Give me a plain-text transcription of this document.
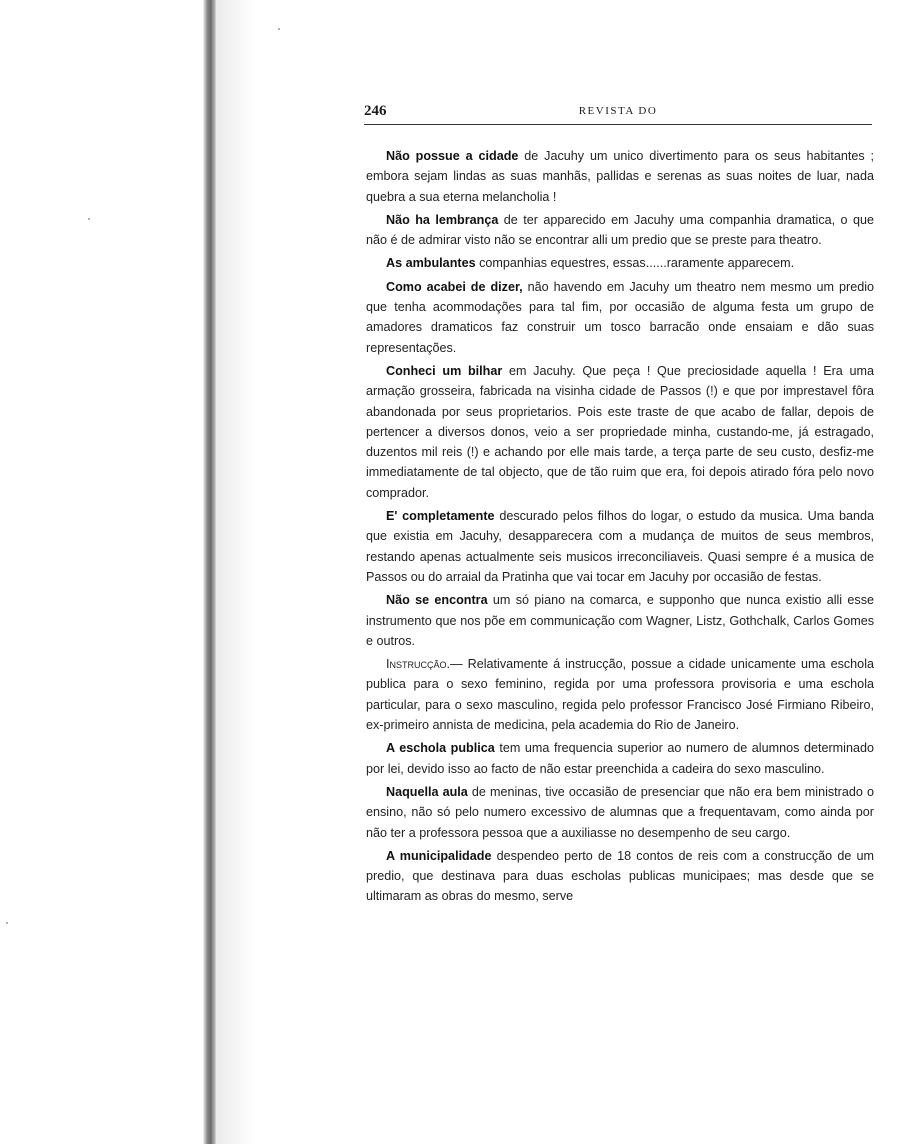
246	REVISTA DO

Não possue a cidade de Jacuhy um unico divertimento para os seus habitantes ; embora sejam lindas as suas manhãs, pallidas e serenas as suas noites de luar, nada quebra a sua eterna melancholia !

Não ha lembrança de ter apparecido em Jacuhy uma companhia dramatica, o que não é de admirar visto não se encontrar alli um predio que se preste para theatro.

As ambulantes companhias equestres, essas......raramente apparecem.

Como acabei de dizer, não havendo em Jacuhy um theatro nem mesmo um predio que tenha acommodações para tal fim, por occasião de alguma festa um grupo de amadores dramaticos faz construir um tosco barracão onde ensaiam e dão suas representações.

Conheci um bilhar em Jacuhy. Que peça ! Que preciosidade aquella ! Era uma armação grosseira, fabricada na visinha cidade de Passos (!) e que por imprestavel fôra abandonada por seus proprietarios. Pois este traste de que acabo de fallar, depois de pertencer a diversos donos, veio a ser propriedade minha, custando-me, já estragado, duzentos mil reis (!) e achando por elle mais tarde, a terça parte de seu custo, desfiz-me immediatamente de tal objecto, que de tão ruim que era, foi depois atirado fóra pelo novo comprador.

E' completamente descurado pelos filhos do logar, o estudo da musica. Uma banda que existia em Jacuhy, desapparecera com a mudança de muitos de seus membros, restando apenas actualmente seis musicos irreconciliaveis. Quasi sempre é a musica de Passos ou do arraial da Pratinha que vai tocar em Jacuhy por occasião de festas.

Não se encontra um só piano na comarca, e supponho que nunca existio alli esse instrumento que nos põe em communicação com Wagner, Listz, Gothchalk, Carlos Gomes e outros.

Instrucção.— Relativamente á instrucção, possue a cidade unicamente uma eschola publica para o sexo feminino, regida por uma professora provisoria e uma eschola particular, para o sexo masculino, regida pelo professor Francisco José Firmiano Ribeiro, ex-primeiro annista de medicina, pela academia do Rio de Janeiro.

A eschola publica tem uma frequencia superior ao numero de alumnos determinado por lei, devido isso ao facto de não estar preenchida a cadeira do sexo masculino.

Naquella aula de meninas, tive occasião de presenciar que não era bem ministrado o ensino, não só pelo numero excessivo de alumnas que a frequentavam, como ainda por não ter a professora pessoa que a auxiliasse no desempenho de seu cargo.

A municipalidade despendeo perto de 18 contos de reis com a construcção de um predio, que destinava para duas escholas publicas municipaes; mas desde que se ultimaram as obras do mesmo, serve
